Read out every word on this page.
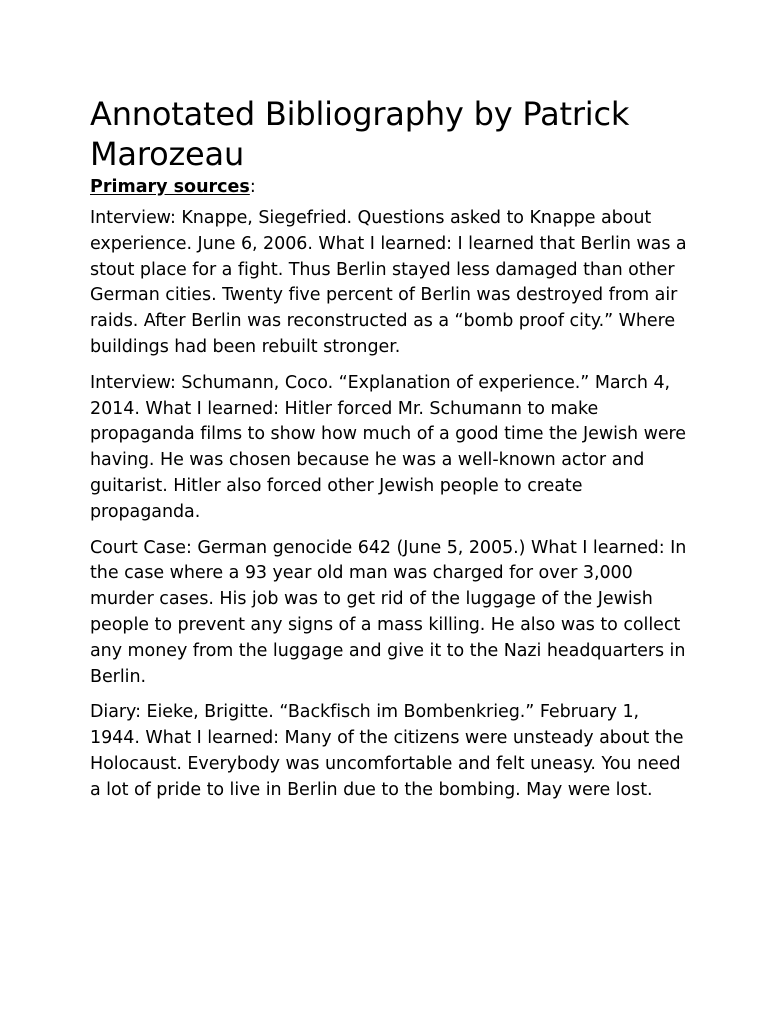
Annotated Bibliography by Patrick Marozeau

Primary sources:

Interview: Knappe, Siegefried. Questions asked to Knappe about experience. June 6, 2006. What I learned: I learned that Berlin was a stout place for a fight. Thus Berlin stayed less damaged than other German cities. Twenty five percent of Berlin was destroyed from air raids. After Berlin was reconstructed as a “bomb proof city.” Where buildings had been rebuilt stronger.

Interview: Schumann, Coco. “Explanation of experience.” March 4, 2014. What I learned: Hitler forced Mr. Schumann to make propaganda films to show how much of a good time the Jewish were having. He was chosen because he was a well-known actor and guitarist. Hitler also forced other Jewish people to create propaganda.

Court Case: German genocide 642 (June 5, 2005.) What I learned: In the case where a 93 year old man was charged for over 3,000 murder cases. His job was to get rid of the luggage of the Jewish people to prevent any signs of a mass killing. He also was to collect any money from the luggage and give it to the Nazi headquarters in Berlin.

Diary: Eieke, Brigitte. “Backfisch im Bombenkrieg.” February 1, 1944. What I learned: Many of the citizens were unsteady about the Holocaust. Everybody was uncomfortable and felt uneasy. You need a lot of pride to live in Berlin due to the bombing. May were lost.
